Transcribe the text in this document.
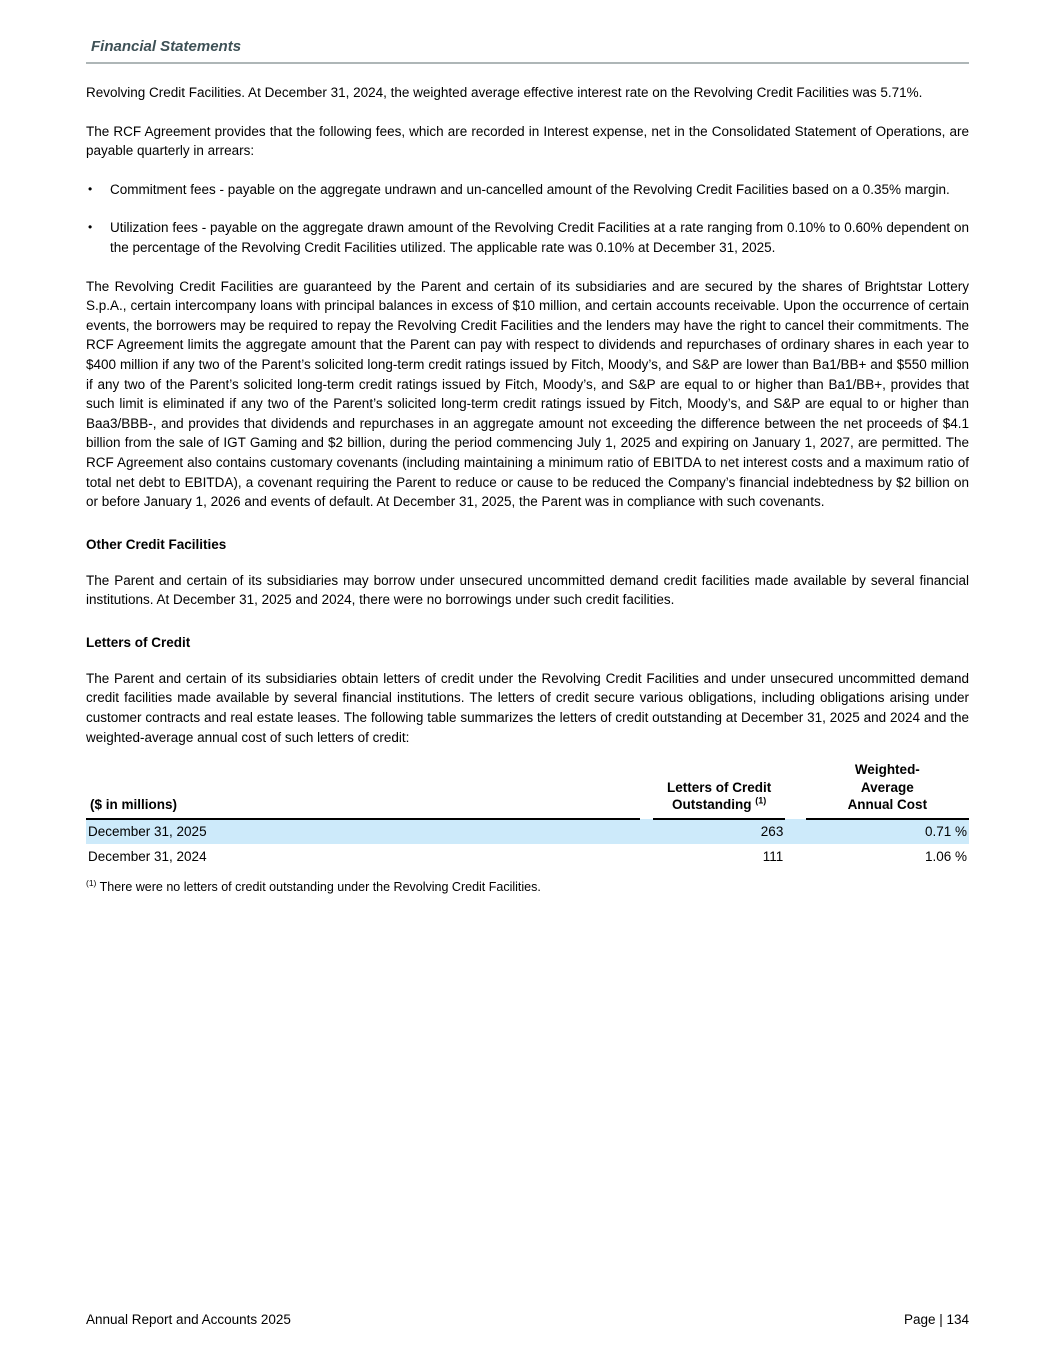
Financial Statements

Revolving Credit Facilities. At December 31, 2024, the weighted average effective interest rate on the Revolving Credit Facilities was 5.71%.

The RCF Agreement provides that the following fees, which are recorded in Interest expense, net in the Consolidated Statement of Operations, are payable quarterly in arrears:

• Commitment fees - payable on the aggregate undrawn and un-cancelled amount of the Revolving Credit Facilities based on a 0.35% margin.
• Utilization fees - payable on the aggregate drawn amount of the Revolving Credit Facilities at a rate ranging from 0.10% to 0.60% dependent on the percentage of the Revolving Credit Facilities utilized. The applicable rate was 0.10% at December 31, 2025.

The Revolving Credit Facilities are guaranteed by the Parent and certain of its subsidiaries and are secured by the shares of Brightstar Lottery S.p.A., certain intercompany loans with principal balances in excess of $10 million, and certain accounts receivable. Upon the occurrence of certain events, the borrowers may be required to repay the Revolving Credit Facilities and the lenders may have the right to cancel their commitments. The RCF Agreement limits the aggregate amount that the Parent can pay with respect to dividends and repurchases of ordinary shares in each year to $400 million if any two of the Parent’s solicited long-term credit ratings issued by Fitch, Moody’s, and S&P are lower than Ba1/BB+ and $550 million if any two of the Parent’s solicited long-term credit ratings issued by Fitch, Moody’s, and S&P are equal to or higher than Ba1/BB+, provides that such limit is eliminated if any two of the Parent’s solicited long-term credit ratings issued by Fitch, Moody’s, and S&P are equal to or higher than Baa3/BBB-, and provides that dividends and repurchases in an aggregate amount not exceeding the difference between the net proceeds of $4.1 billion from the sale of IGT Gaming and $2 billion, during the period commencing July 1, 2025 and expiring on January 1, 2027, are permitted. The RCF Agreement also contains customary covenants (including maintaining a minimum ratio of EBITDA to net interest costs and a maximum ratio of total net debt to EBITDA), a covenant requiring the Parent to reduce or cause to be reduced the Company’s financial indebtedness by $2 billion on or before January 1, 2026 and events of default. At December 31, 2025, the Parent was in compliance with such covenants.

Other Credit Facilities

The Parent and certain of its subsidiaries may borrow under unsecured uncommitted demand credit facilities made available by several financial institutions. At December 31, 2025 and 2024, there were no borrowings under such credit facilities.

Letters of Credit

The Parent and certain of its subsidiaries obtain letters of credit under the Revolving Credit Facilities and under unsecured uncommitted demand credit facilities made available by several financial institutions. The letters of credit secure various obligations, including obligations arising under customer contracts and real estate leases. The following table summarizes the letters of credit outstanding at December 31, 2025 and 2024 and the weighted-average annual cost of such letters of credit:

($ in millions)		
Letters of Credit
Outstanding $^{(1)}$

Weighted-
Average
Annual Cost

December 31, 2025		263		0.71 %
December 31, 2024		111		1.06 %

$^{(1)}$ There were no letters of credit outstanding under the Revolving Credit Facilities.

Annual Report and Accounts 2025	Page | 134
